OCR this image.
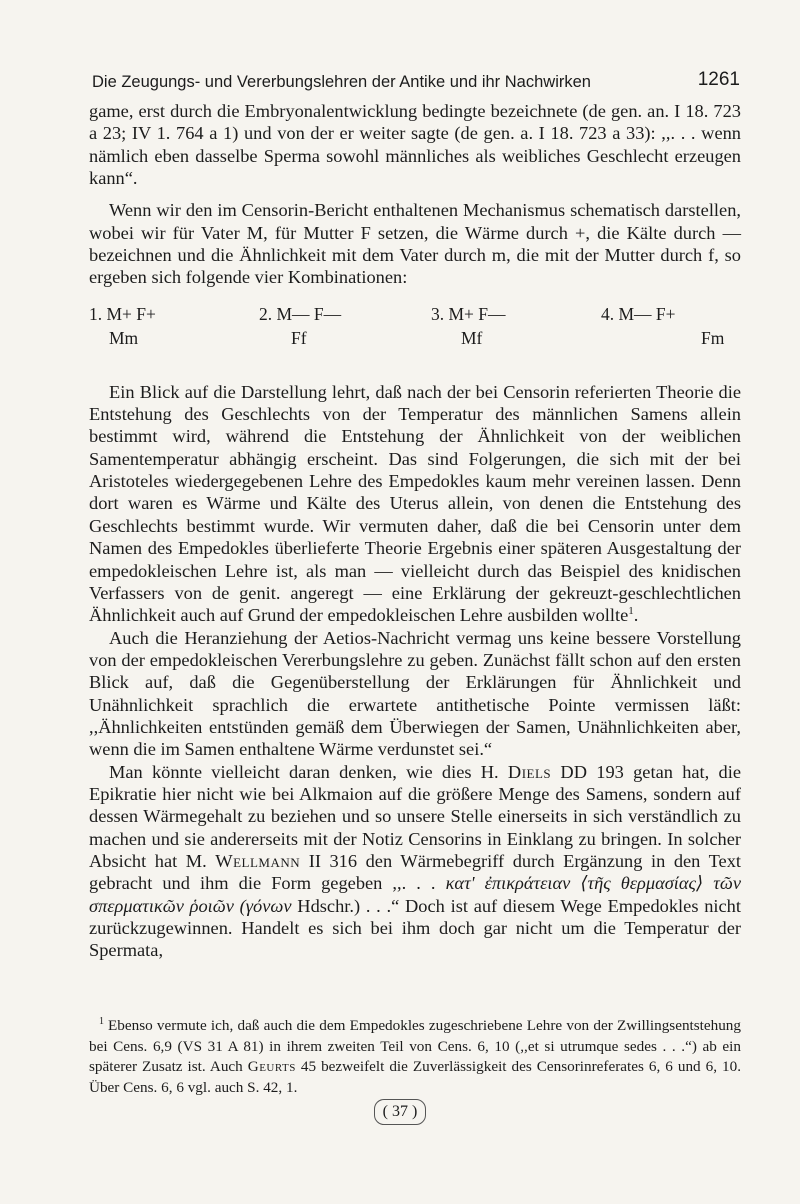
Die Zeugungs- und Vererbungslehren der Antike und ihr Nachwirken	1261

game, erst durch die Embryonalentwicklung bedingte bezeichnete (de gen. an. I 18. 723 a 23; IV 1. 764 a 1) und von der er weiter sagte (de gen. a. I 18. 723 a 33): ,,. . . wenn nämlich eben dasselbe Sperma sowohl männliches als weibliches Geschlecht erzeugen kann“.

Wenn wir den im Censorin-Bericht enthaltenen Mechanismus schematisch darstellen, wobei wir für Vater M, für Mutter F setzen, die Wärme durch +, die Kälte durch — bezeichnen und die Ähnlichkeit mit dem Vater durch m, die mit der Mutter durch f, so ergeben sich folgende vier Kombinationen:

1. M+ F+
Mm
2. M— F—
Ff
3. M+ F—
Mf
4. M— F+
Fm

Ein Blick auf die Darstellung lehrt, daß nach der bei Censorin referierten Theorie die Entstehung des Geschlechts von der Temperatur des männlichen Samens allein bestimmt wird, während die Entstehung der Ähnlichkeit von der weiblichen Samentemperatur abhängig erscheint. Das sind Folgerungen, die sich mit der bei Aristoteles wiedergegebenen Lehre des Empedokles kaum mehr vereinen lassen. Denn dort waren es Wärme und Kälte des Uterus allein, von denen die Entstehung des Geschlechts bestimmt wurde. Wir vermuten daher, daß die bei Censorin unter dem Namen des Empedokles überlieferte Theorie Ergebnis einer späteren Ausgestaltung der empedokleischen Lehre ist, als man — vielleicht durch das Beispiel des knidischen Verfassers von de genit. angeregt — eine Erklärung der gekreuzt-geschlechtlichen Ähnlichkeit auch auf Grund der empedokleischen Lehre ausbilden wollte$^1$.

Auch die Heranziehung der Aetios-Nachricht vermag uns keine bessere Vorstellung von der empedokleischen Vererbungslehre zu geben. Zunächst fällt schon auf den ersten Blick auf, daß die Gegenüberstellung der Erklärungen für Ähnlichkeit und Unähnlichkeit sprachlich die erwartete antithetische Pointe vermissen läßt: ,,Ähnlichkeiten entstünden gemäß dem Überwiegen der Samen, Unähnlichkeiten aber, wenn die im Samen enthaltene Wärme verdunstet sei.“

Man könnte vielleicht daran denken, wie dies H. Diels DD 193 getan hat, die Epikratie hier nicht wie bei Alkmaion auf die größere Menge des Samens, sondern auf dessen Wärmegehalt zu beziehen und so unsere Stelle einerseits in sich verständlich zu machen und sie andererseits mit der Notiz Censorins in Einklang zu bringen. In solcher Absicht hat M. Wellmann II 316 den Wärmebegriff durch Ergänzung in den Text gebracht und ihm die Form gegeben ,,. . . κατ' ἐπικράτειαν ⟨τῆς θερμασίας⟩ τῶν σπερματικῶν ῥοιῶν (γόνων Hdschr.) . . .“ Doch ist auf diesem Wege Empedokles nicht zurückzugewinnen. Handelt es sich bei ihm doch gar nicht um die Temperatur der Spermata,

$^1$ Ebenso vermute ich, daß auch die dem Empedokles zugeschriebene Lehre von der Zwillingsentstehung bei Cens. 6,9 (VS 31 A 81) in ihrem zweiten Teil von Cens. 6, 10 (,,et si utrumque sedes . . .“) ab ein späterer Zusatz ist. Auch Geurts 45 bezweifelt die Zuverlässigkeit des Censorinreferates 6, 6 und 6, 10. Über Cens. 6, 6 vgl. auch S. 42, 1.
( 37 )
